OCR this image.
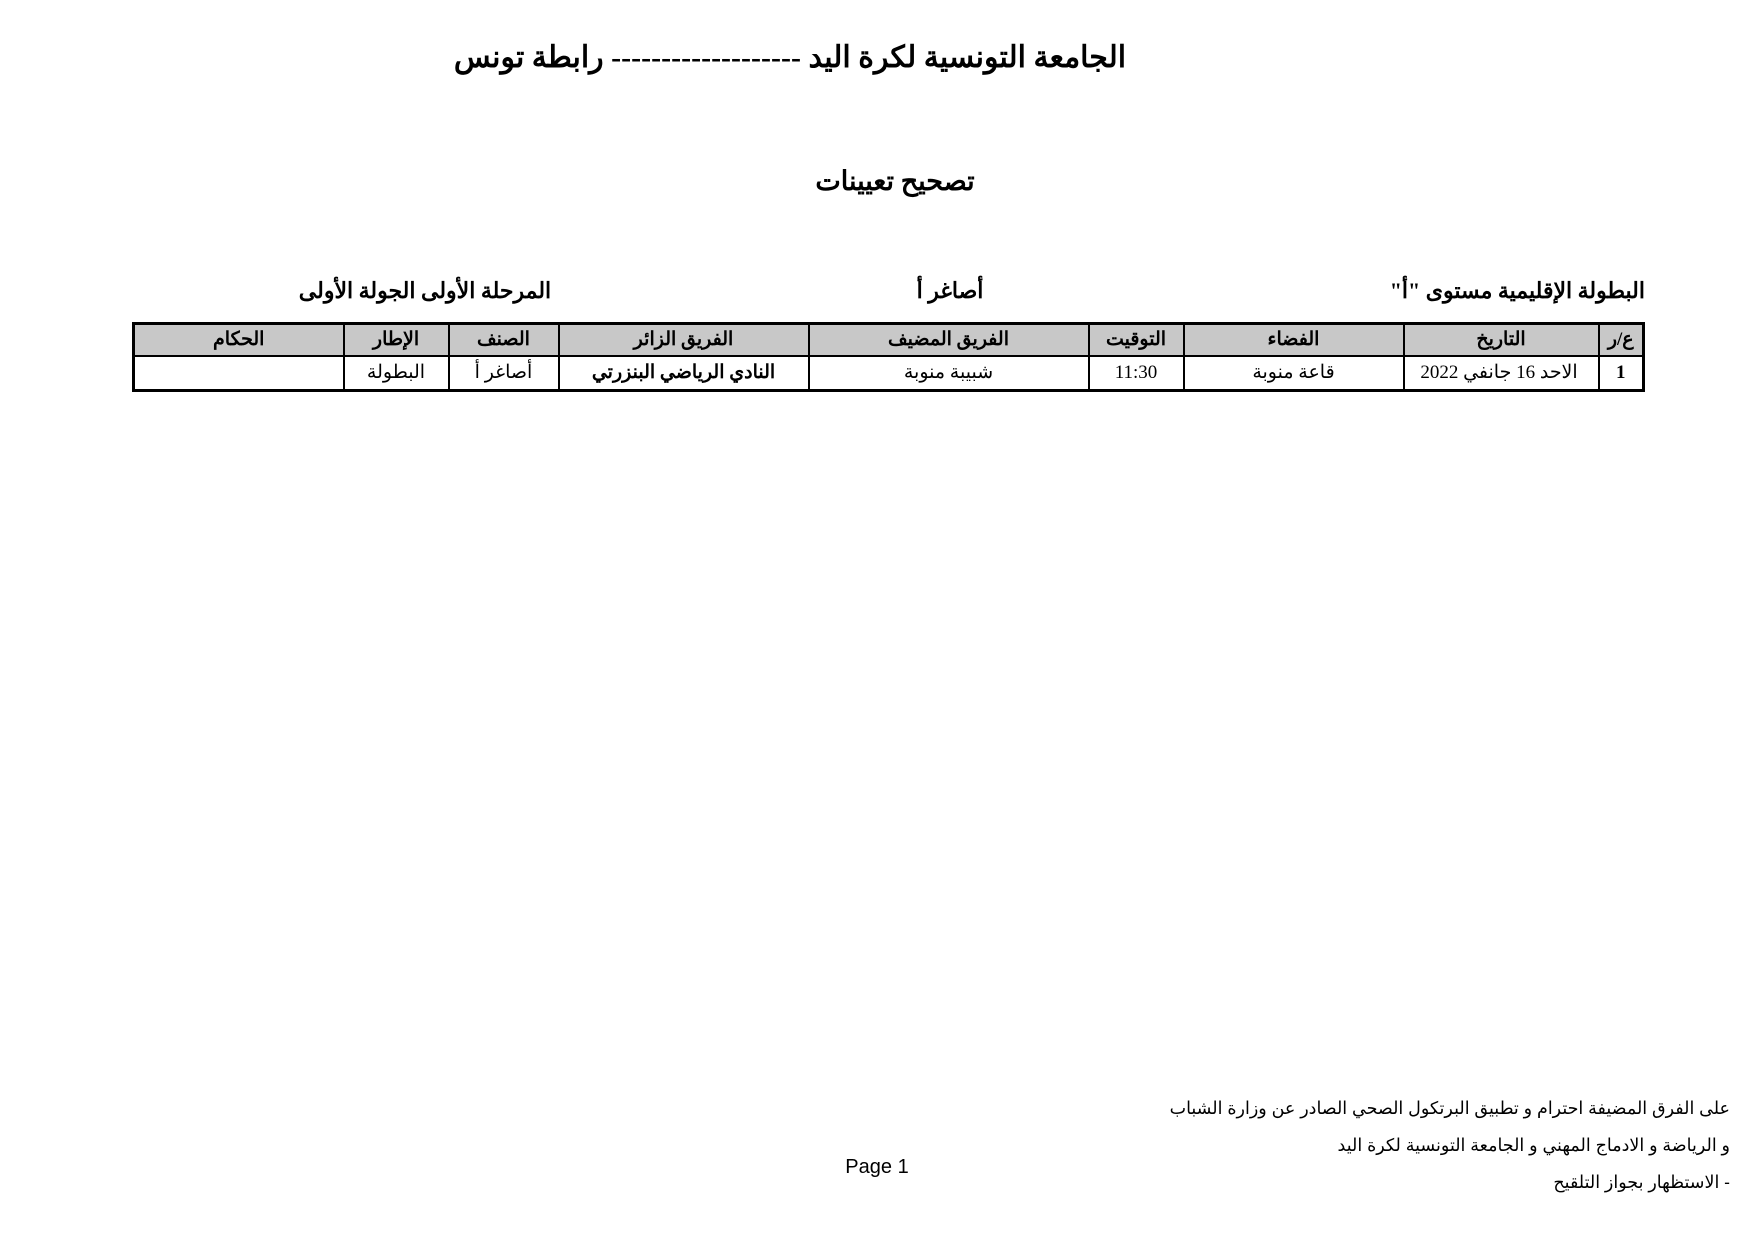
الجامعة التونسية لكرة اليد ------------------- رابطة تونس
تصحيح تعيينات
البطولة الإقليمية مستوى "أ"
أصاغر أ
المرحلة الأولى الجولة الأولى
ع/ر	التاريخ	الفضاء	التوقيت	الفريق المضيف	الفريق الزائر	الصنف	الإطار	الحكام
1	الاحد 16 جانفي 2022	قاعة منوبة	11:30	شبيبة منوبة	النادي الرياضي البنزرتي	أصاغر أ	البطولة	
على الفرق المضيفة احترام و تطبيق البرتكول الصحي الصادر عن وزارة الشباب
و الرياضة و الادماج المهني و الجامعة التونسية لكرة اليد
- الاستظهار بجواز التلقيح
Page 1
